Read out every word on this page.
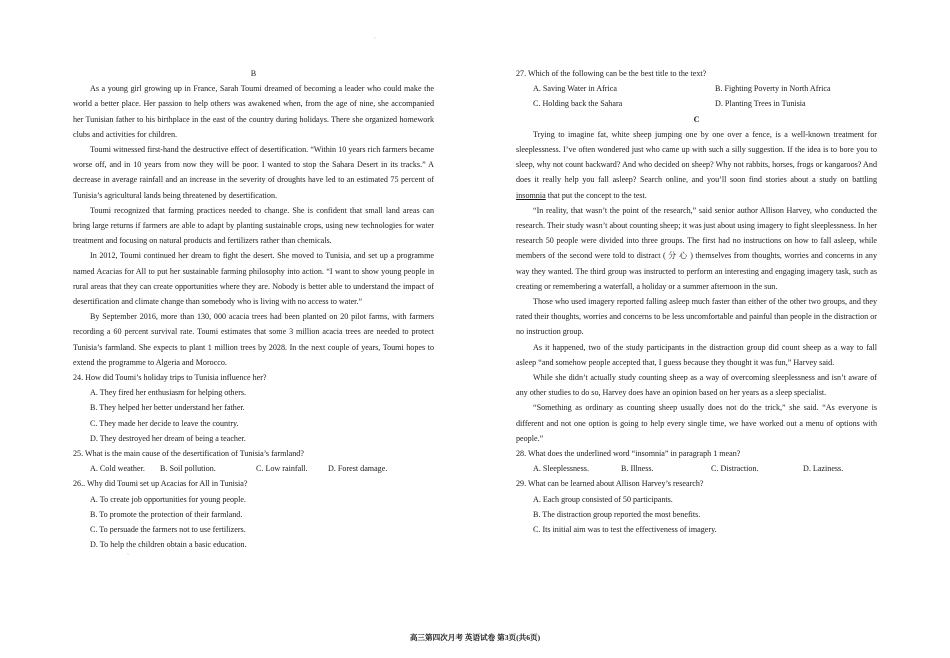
`

B

As a young girl growing up in France, Sarah Toumi dreamed of becoming a leader who could make the world a better place. Her passion to help others was awakened when, from the age of nine, she accompanied her Tunisian father to his birthplace in the east of the country during holidays. There she organized homework clubs and activities for children.

Toumi witnessed first-hand the destructive effect of desertification. “Within 10 years rich farmers became worse off, and in 10 years from now they will be poor. I wanted to stop the Sahara Desert in its tracks.” A decrease in average rainfall and an increase in the severity of droughts have led to an estimated 75 percent of Tunisia’s agricultural lands being threatened by desertification.

Toumi recognized that farming practices needed to change. She is confident that small land areas can bring large returns if farmers are able to adapt by planting sustainable crops, using new technologies for water treatment and focusing on natural products and fertilizers rather than chemicals.

In 2012, Toumi continued her dream to fight the desert. She moved to Tunisia, and set up a programme named Acacias for All to put her sustainable farming philosophy into action. “I want to show young people in rural areas that they can create opportunities where they are. Nobody is better able to understand the impact of desertification and climate change than somebody who is living with no access to water.”

By September 2016, more than 130, 000 acacia trees had been planted on 20 pilot farms, with farmers recording a 60 percent survival rate. Toumi estimates that some 3 million acacia trees are needed to protect Tunisia’s farmland. She expects to plant 1 million trees by 2028. In the next couple of years, Toumi hopes to extend the programme to Algeria and Morocco.

24. How did Toumi’s holiday trips to Tunisia influence her?

A. They fired her enthusiasm for helping others.

B. They helped her better understand her father.

C. They made her decide to leave the country.

D. They destroyed her dream of being a teacher.

25. What is the main cause of the desertification of Tunisia’s farmland?

A. Cold weather.	B. Soil pollution.	C. Low rainfall.	D. Forest damage.

26.. Why did Toumi set up Acacias for All in Tunisia?

A. To create job opportunities for young people.

B. To promote the protection of their farmland.

C. To persuade the farmers not to use fertilizers.

D. To help the children obtain a basic education.

`

27. Which of the following can be the best title to the text?

A. Saving Water in Africa	B. Fighting Poverty in North Africa
C. Holding back the Sahara	D. Planting Trees in Tunisia

C

Trying to imagine fat, white sheep jumping one by one over a fence, is a well-known treatment for sleeplessness. I’ve often wondered just who came up with such a silly suggestion. If the idea is to bore you to sleep, why not count backward? And who decided on sheep? Why not rabbits, horses, frogs or kangaroos? And does it really help you fall asleep? Search online, and you’ll soon find stories about a study on battling insomnia that put the concept to the test.

“In reality, that wasn’t the point of the research,” said senior author Allison Harvey, who conducted the research. Their study wasn’t about counting sheep; it was just about using imagery to fight sleeplessness. In her research 50 people were divided into three groups. The first had no instructions on how to fall asleep, while members of the second were told to distract ( 分 心 ) themselves from thoughts, worries and concerns in any way they wanted. The third group was instructed to perform an interesting and engaging imagery task, such as creating or remembering a waterfall, a holiday or a summer afternoon in the sun.

Those who used imagery reported falling asleep much faster than either of the other two groups, and they rated their thoughts, worries and concerns to be less uncomfortable and painful than people in the distraction or no instruction group.

As it happened, two of the study participants in the distraction group did count sheep as a way to fall asleep “and somehow people accepted that, I guess because they thought it was fun,” Harvey said.

While she didn’t actually study counting sheep as a way of overcoming sleeplessness and isn’t aware of any other studies to do so, Harvey does have an opinion based on her years as a sleep specialist.

“Something as ordinary as counting sheep usually does not do the trick,” she said. “As everyone is different and not one option is going to help every single time, we have worked out a menu of options with people.”

28. What does the underlined word “insomnia” in paragraph 1 mean?

A. Sleeplessness.	B. Illness.	C. Distraction.	D. Laziness.

29. What can be learned about Allison Harvey’s research?

A. Each group consisted of 50 participants.

B. The distraction group reported the most benefits.

C. Its initial aim was to test the effectiveness of imagery.

高三第四次月考 英语试卷 第3页(共6页)
